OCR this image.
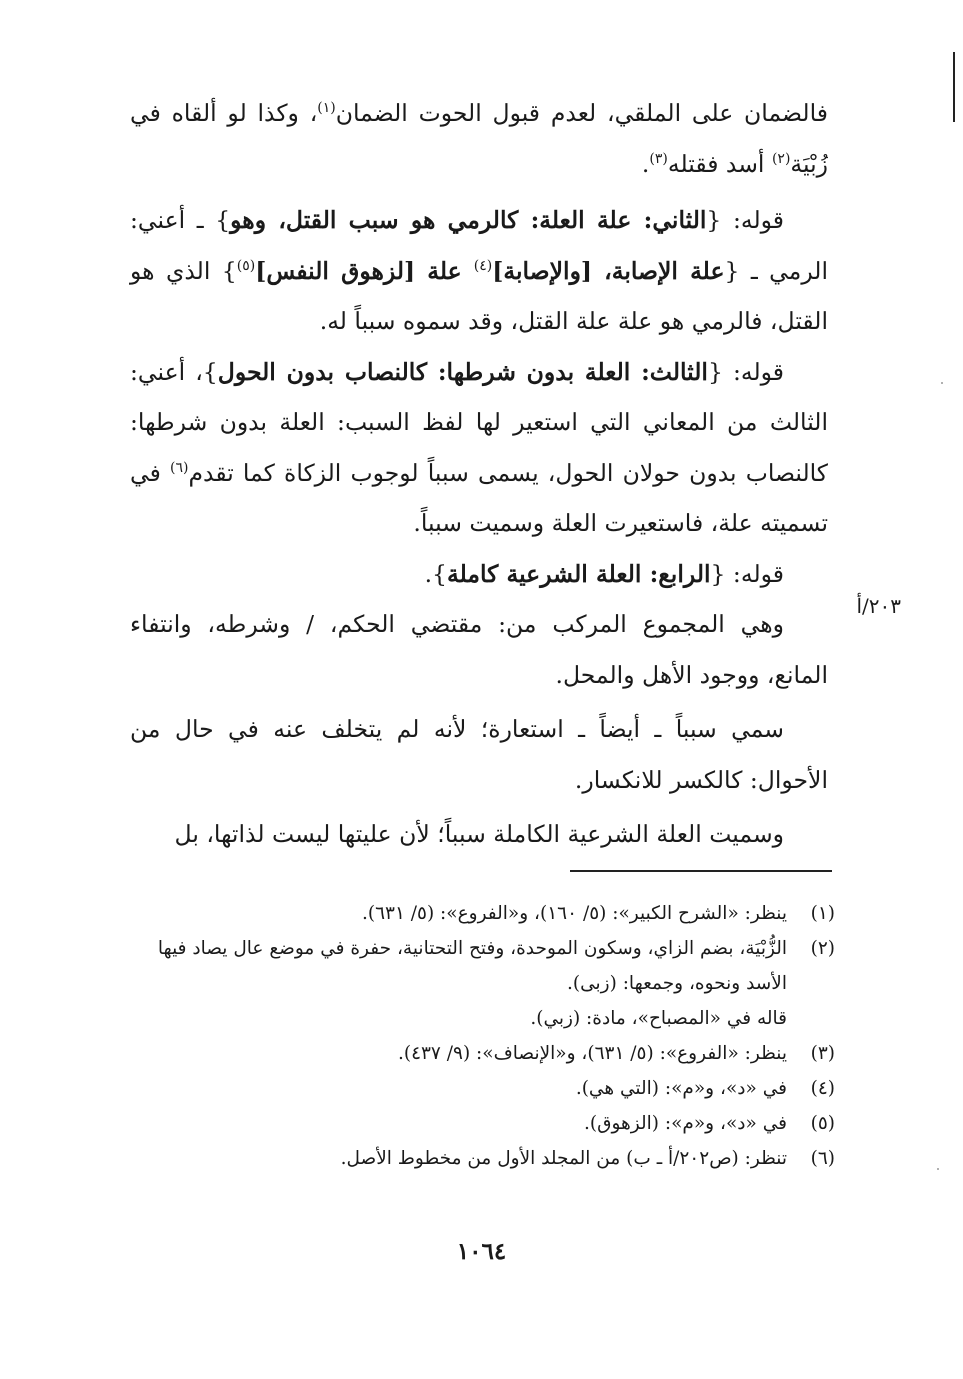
فالضمان على الملقي، لعدم قبول الحوت الضمان$^{(١)}$، وكذا لو ألقاه في زُبْيَة$^{(٢)}$ أسد فقتله$^{(٣)}$.

قوله: {الثاني: علة العلة: كالرمي هو سبب القتل، وهو} ـ أعني: الرمي ـ {علة الإصابة، [والإصابة]$^{(٤)}$ علة [لزهوق النفس]$^{(٥)}$} الذي هو القتل، فالرمي هو علة علة القتل، وقد سموه سبباً له.

قوله: {الثالث: العلة بدون شرطها: كالنصاب بدون الحول}، أعني: الثالث من المعاني التي استعير لها لفظ السبب: العلة بدون شرطها: كالنصاب بدون حولان الحول، يسمى سبباً لوجوب الزكاة كما تقدم$^{(٦)}$ في تسميته علة، فاستعيرت العلة وسميت سبباً.

قوله: {الرابع: العلة الشرعية كاملة}.

وهي المجموع المركب من: مقتضي الحكم، / وشرطه، وانتفاء المانع، ووجود الأهل والمحل.

سمي سبباً ـ أيضاً ـ استعارة؛ لأنه لم يتخلف عنه في حال من الأحوال: كالكسر للانكسار.

وسميت العلة الشرعية الكاملة سبباً؛ لأن عليتها ليست لذاتها، بل

٢٠٣/أ
(١)
ينظر: «الشرح الكبير»: (٥/ ١٦٠)، و«الفروع»: (٥/ ٦٣١).
(٢)
الزُّبْيَة، بضم الزاي، وسكون الموحدة، وفتح التحتانية، حفرة في موضع عال يصاد فيها الأسد ونحوه، وجمعها: (زبى).

قاله في «المصباح»، مادة: (زبي).

(٣)
ينظر: «الفروع»: (٥/ ٦٣١)، و«الإنصاف»: (٩/ ٤٣٧).
(٤)
في «د»، و«م»: (التي هي).
(٥)
في «د»، و«م»: (الزهوق).
(٦)
تنظر: (ص٢٠٢/أ ـ ب) من المجلد الأول من مخطوط الأصل.
١٠٦٤
